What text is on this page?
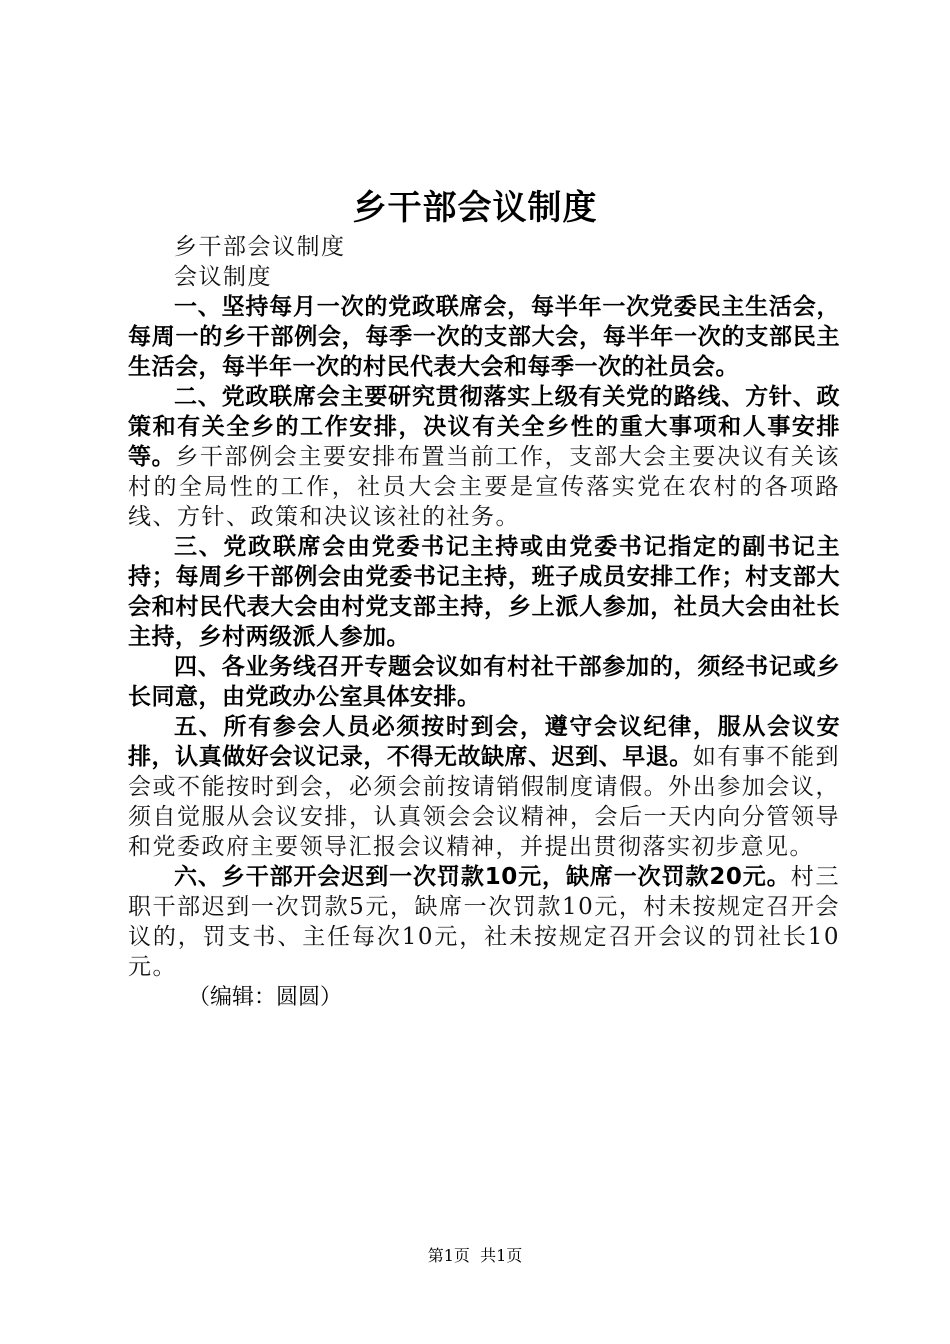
乡干部会议制度

乡干部会议制度

会议制度

一、坚持每月一次的党政联席会，每半年一次党委民主生活会，每周一的乡干部例会，每季一次的支部大会，每半年一次的支部民主生活会，每半年一次的村民代表大会和每季一次的社员会。

二、党政联席会主要研究贯彻落实上级有关党的路线、方针、政策和有关全乡的工作安排，决议有关全乡性的重大事项和人事安排等。乡干部例会主要安排布置当前工作，支部大会主要决议有关该村的全局性的工作，社员大会主要是宣传落实党在农村的各项路线、方针、政策和决议该社的社务。

三、党政联席会由党委书记主持或由党委书记指定的副书记主持；每周乡干部例会由党委书记主持，班子成员安排工作；村支部大会和村民代表大会由村党支部主持，乡上派人参加，社员大会由社长主持，乡村两级派人参加。

四、各业务线召开专题会议如有村社干部参加的，须经书记或乡长同意，由党政办公室具体安排。

五、所有参会人员必须按时到会，遵守会议纪律，服从会议安排，认真做好会议记录，不得无故缺席、迟到、早退。如有事不能到会或不能按时到会，必须会前按请销假制度请假。外出参加会议，须自觉服从会议安排，认真领会会议精神，会后一天内向分管领导和党委政府主要领导汇报会议精神，并提出贯彻落实初步意见。

六、乡干部开会迟到一次罚款10元，缺席一次罚款20元。村三职干部迟到一次罚款5元，缺席一次罚款10元，村未按规定召开会议的，罚支书、主任每次10元，社未按规定召开会议的罚社长10元。

（编辑：圆圆）
第1页  共1页
